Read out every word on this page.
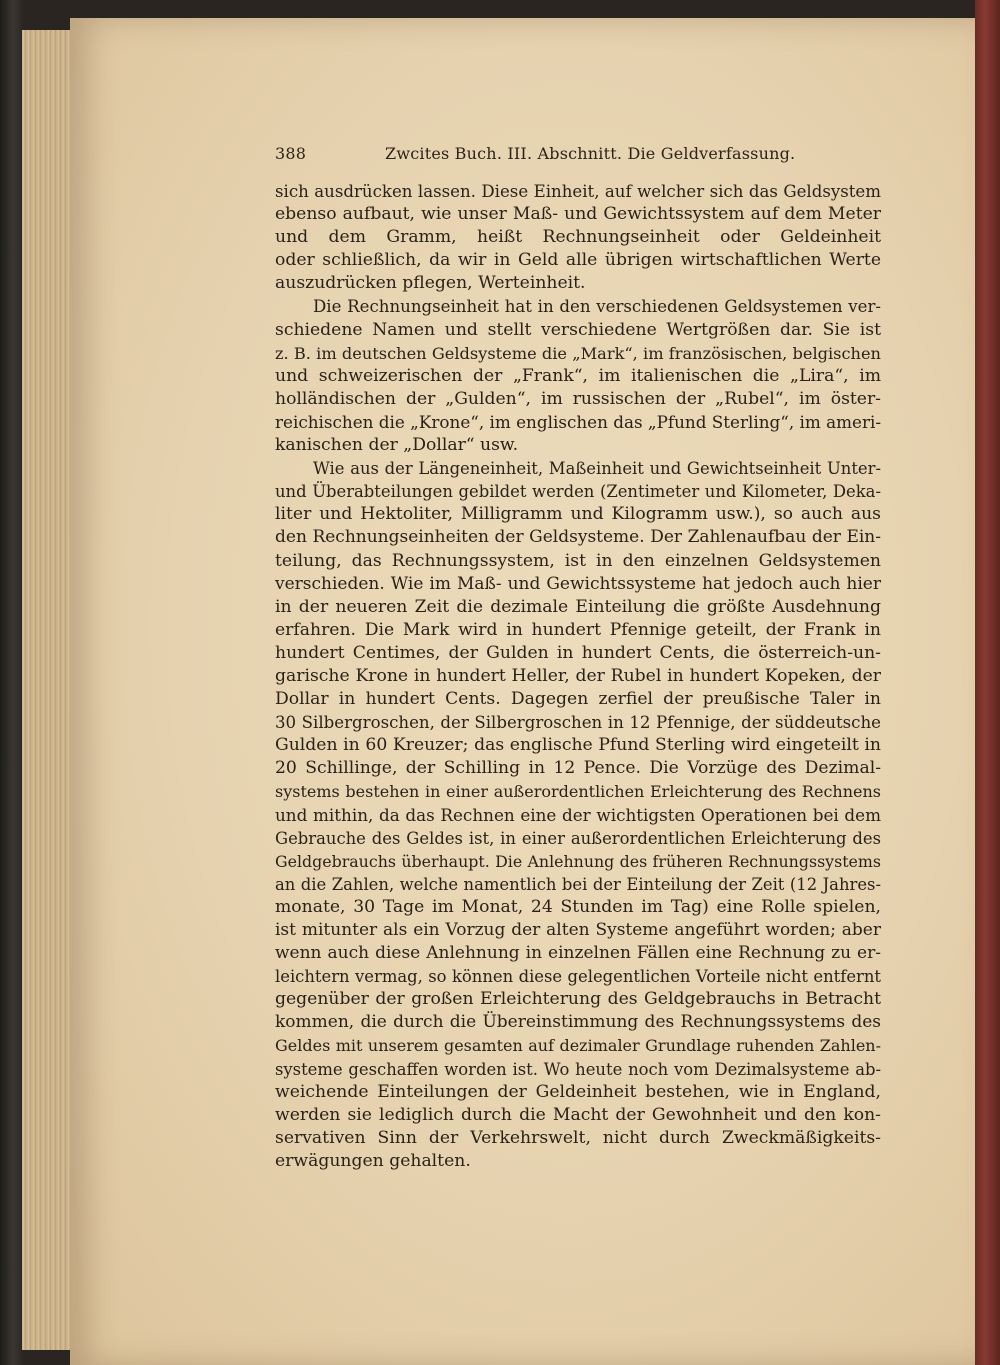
388	Zwcites Buch. III. Abschnitt. Die Geldverfassung.
sich ausdrücken lassen. Diese Einheit, auf welcher sich das Geldsystem
ebenso aufbaut, wie unser Maß- und Gewichtssystem auf dem Meter
und dem Gramm, heißt Rechnungseinheit oder Geldeinheit
oder schließlich, da wir in Geld alle übrigen wirtschaftlichen Werte
auszudrücken pflegen, Werteinheit.
Die Rechnungseinheit hat in den verschiedenen Geldsystemen ver-
schiedene Namen und stellt verschiedene Wertgrößen dar. Sie ist
z. B. im deutschen Geldsysteme die „Mark“, im französischen, belgischen
und schweizerischen der „Frank“, im italienischen die „Lira“, im
holländischen der „Gulden“, im russischen der „Rubel“, im öster-
reichischen die „Krone“, im englischen das „Pfund Sterling“, im ameri-
kanischen der „Dollar“ usw.
Wie aus der Längeneinheit, Maßeinheit und Gewichtseinheit Unter-
und Überabteilungen gebildet werden (Zentimeter und Kilometer, Deka-
liter und Hektoliter, Milligramm und Kilogramm usw.), so auch aus
den Rechnungseinheiten der Geldsysteme. Der Zahlenaufbau der Ein-
teilung, das Rechnungssystem, ist in den einzelnen Geldsystemen
verschieden. Wie im Maß- und Gewichtssysteme hat jedoch auch hier
in der neueren Zeit die dezimale Einteilung die größte Ausdehnung
erfahren. Die Mark wird in hundert Pfennige geteilt, der Frank in
hundert Centimes, der Gulden in hundert Cents, die österreich-un-
garische Krone in hundert Heller, der Rubel in hundert Kopeken, der
Dollar in hundert Cents. Dagegen zerfiel der preußische Taler in
30 Silbergroschen, der Silbergroschen in 12 Pfennige, der süddeutsche
Gulden in 60 Kreuzer; das englische Pfund Sterling wird eingeteilt in
20 Schillinge, der Schilling in 12 Pence. Die Vorzüge des Dezimal-
systems bestehen in einer außerordentlichen Erleichterung des Rechnens
und mithin, da das Rechnen eine der wichtigsten Operationen bei dem
Gebrauche des Geldes ist, in einer außerordentlichen Erleichterung des
Geldgebrauchs überhaupt. Die Anlehnung des früheren Rechnungssystems
an die Zahlen, welche namentlich bei der Einteilung der Zeit (12 Jahres-
monate, 30 Tage im Monat, 24 Stunden im Tag) eine Rolle spielen,
ist mitunter als ein Vorzug der alten Systeme angeführt worden; aber
wenn auch diese Anlehnung in einzelnen Fällen eine Rechnung zu er-
leichtern vermag, so können diese gelegentlichen Vorteile nicht entfernt
gegenüber der großen Erleichterung des Geldgebrauchs in Betracht
kommen, die durch die Übereinstimmung des Rechnungssystems des
Geldes mit unserem gesamten auf dezimaler Grundlage ruhenden Zahlen-
systeme geschaffen worden ist. Wo heute noch vom Dezimalsysteme ab-
weichende Einteilungen der Geldeinheit bestehen, wie in England,
werden sie lediglich durch die Macht der Gewohnheit und den kon-
servativen Sinn der Verkehrswelt, nicht durch Zweckmäßigkeits-
erwägungen gehalten.
